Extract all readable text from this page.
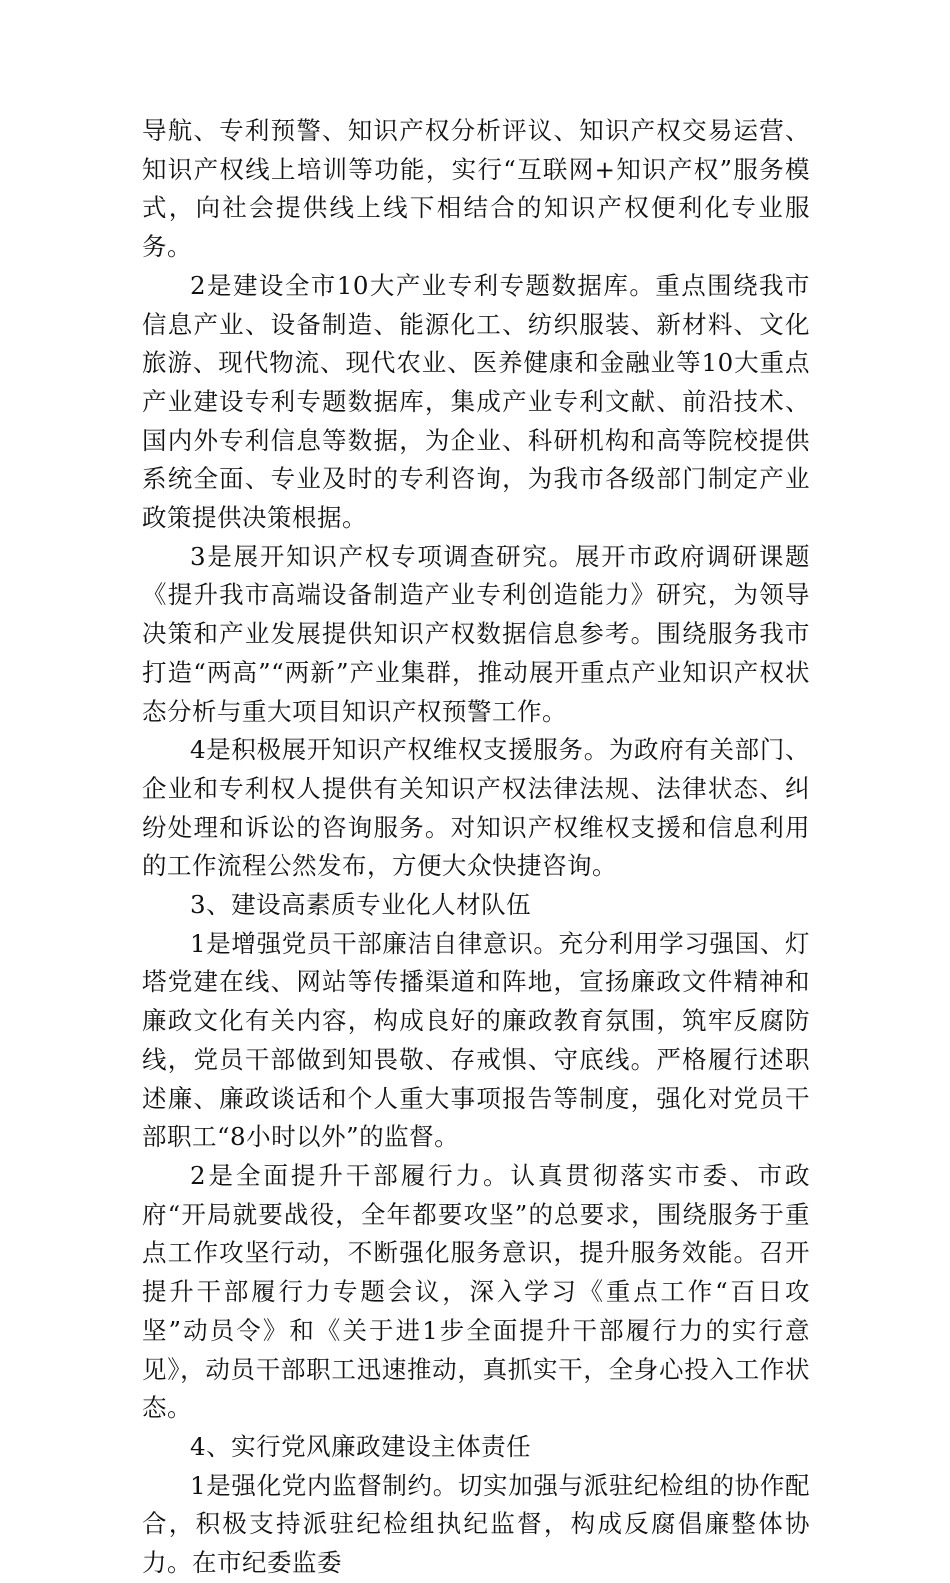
导航、专利预警、知识产权分析评议、知识产权交易运营、知识产权线上培训等功能，实行“互联网+知识产权”服务模式，向社会提供线上线下相结合的知识产权便利化专业服务。

2是建设全市10大产业专利专题数据库。重点围绕我市信息产业、设备制造、能源化工、纺织服装、新材料、文化旅游、现代物流、现代农业、医养健康和金融业等10大重点产业建设专利专题数据库，集成产业专利文献、前沿技术、国内外专利信息等数据，为企业、科研机构和高等院校提供系统全面、专业及时的专利咨询，为我市各级部门制定产业政策提供决策根据。

3是展开知识产权专项调查研究。展开市政府调研课题《提升我市高端设备制造产业专利创造能力》研究，为领导决策和产业发展提供知识产权数据信息参考。围绕服务我市打造“两高”“两新”产业集群，推动展开重点产业知识产权状态分析与重大项目知识产权预警工作。

4是积极展开知识产权维权支援服务。为政府有关部门、企业和专利权人提供有关知识产权法律法规、法律状态、纠纷处理和诉讼的咨询服务。对知识产权维权支援和信息利用的工作流程公然发布，方便大众快捷咨询。

3、建设高素质专业化人材队伍

1是增强党员干部廉洁自律意识。充分利用学习强国、灯塔党建在线、网站等传播渠道和阵地，宣扬廉政文件精神和廉政文化有关内容，构成良好的廉政教育氛围，筑牢反腐防线，党员干部做到知畏敬、存戒惧、守底线。严格履行述职述廉、廉政谈话和个人重大事项报告等制度，强化对党员干部职工“8小时以外”的监督。

2是全面提升干部履行力。认真贯彻落实市委、市政府“开局就要战役，全年都要攻坚”的总要求，围绕服务于重点工作攻坚行动，不断强化服务意识，提升服务效能。召开提升干部履行力专题会议，深入学习《重点工作“百日攻坚”动员令》和《关于进1步全面提升干部履行力的实行意见》，动员干部职工迅速推动，真抓实干，全身心投入工作状态。

4、实行党风廉政建设主体责任

1是强化党内监督制约。切实加强与派驻纪检组的协作配合，积极支持派驻纪检组执纪监督，构成反腐倡廉整体协力。在市纪委监委
